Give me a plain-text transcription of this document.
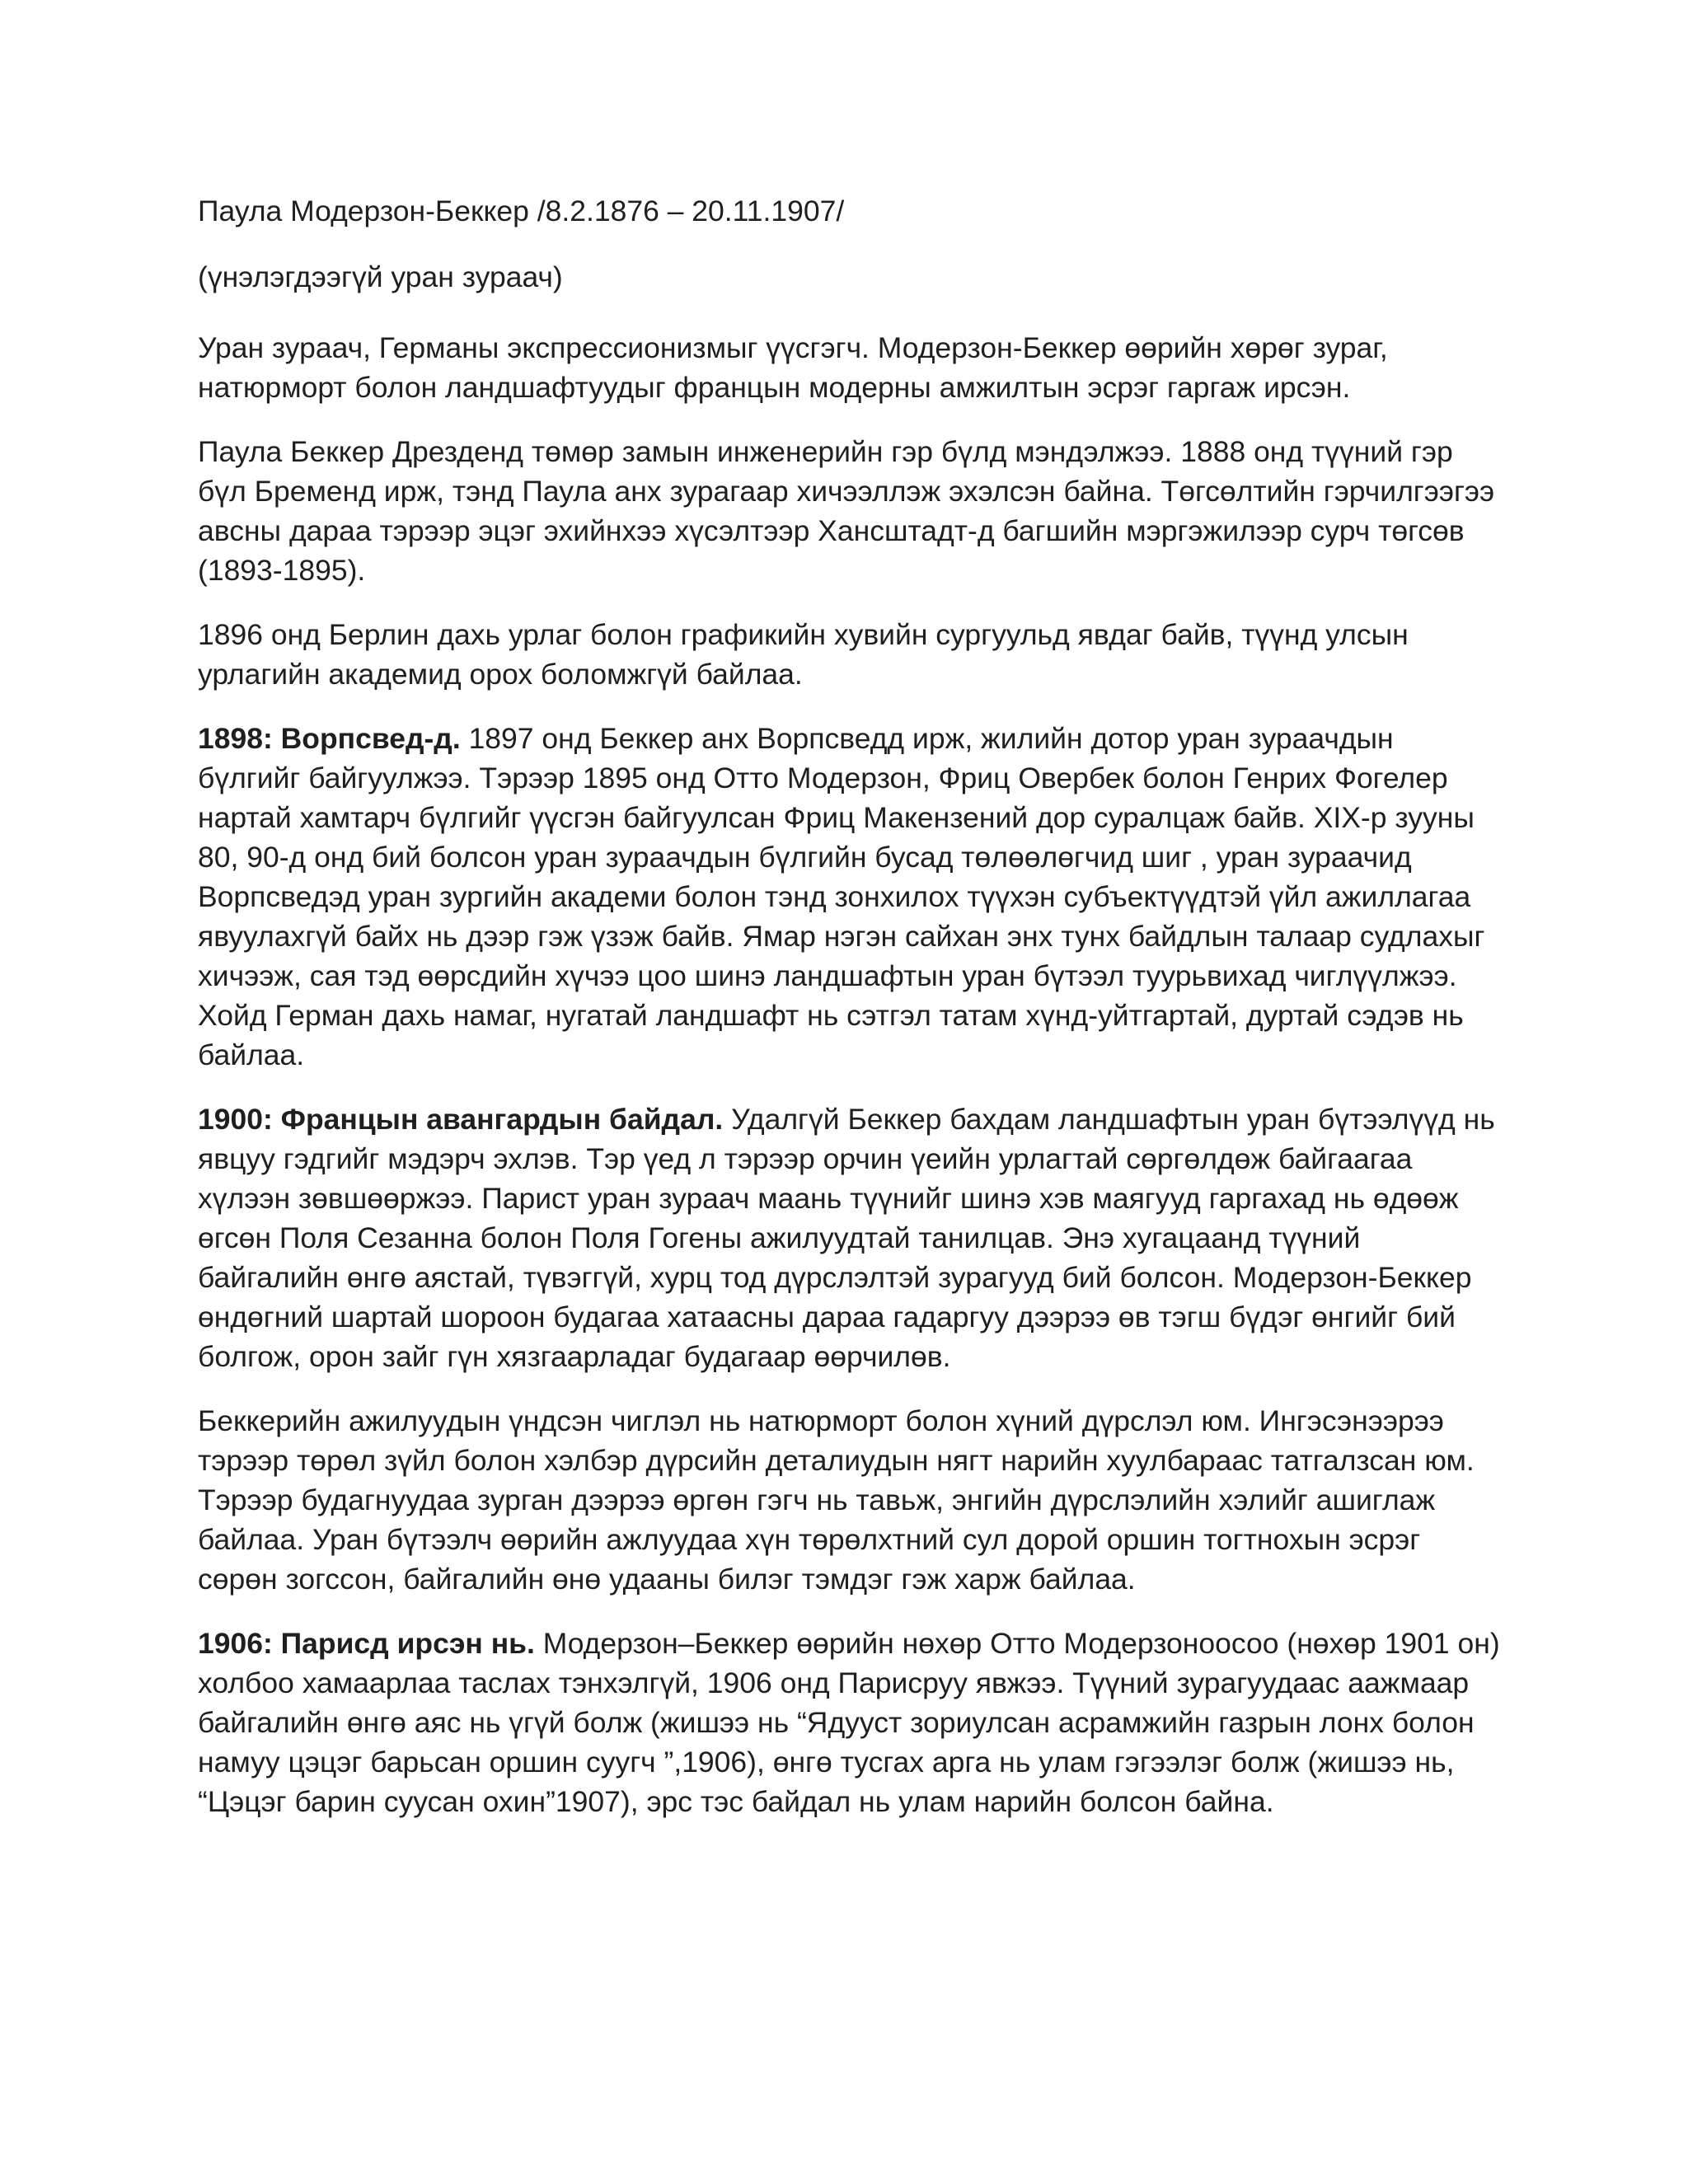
Паула Модерзон-Беккер /8.2.1876 – 20.11.1907/

(үнэлэгдээгүй уран зураач)

Уран зураач, Германы экспрессионизмыг үүсгэгч. Модерзон-Беккер өөрийн хөрөг зураг, натюрморт болон ландшафтуудыг францын модерны амжилтын эсрэг гаргаж ирсэн.

Паула Беккер Дрезденд төмөр замын инженерийн гэр бүлд мэндэлжээ. 1888 онд түүний гэр бүл Бременд ирж, тэнд Паула анх зурагаар хичээллэж эхэлсэн байна. Төгсөлтийн гэрчилгээгээ авсны дараа тэрээр эцэг эхийнхээ хүсэлтээр Хансштадт-д багшийн мэргэжилээр сурч төгсөв (1893-1895).

1896 онд Берлин дахь урлаг болон графикийн хувийн сургуульд явдаг байв, түүнд улсын урлагийн академид орох боломжгүй байлаа.

1898: Ворпсвед-д. 1897 онд Беккер анх Ворпсведд ирж, жилийн дотор уран зураачдын бүлгийг байгуулжээ. Тэрээр 1895 онд Отто Модерзон, Фриц Овербек болон Генрих Фогелер нартай хамтарч бүлгийг үүсгэн байгуулсан Фриц Макензений дор суралцаж байв. XIX-р зууны 80, 90-д онд бий болсон уран зураачдын бүлгийн бусад төлөөлөгчид шиг , уран зураачид Ворпсведэд уран зургийн академи болон тэнд зонхилох түүхэн субъектүүдтэй үйл ажиллагаа явуулахгүй байх нь дээр гэж үзэж байв. Ямар нэгэн сайхан энх тунх байдлын талаар судлахыг хичээж, сая тэд өөрсдийн хүчээ цоо шинэ ландшафтын уран бүтээл туурьвихад чиглүүлжээ. Хойд Герман дахь намаг, нугатай ландшафт нь сэтгэл татам хүнд-уйтгартай, дуртай сэдэв нь байлаа.

1900: Францын авангардын байдал. Удалгүй Беккер бахдам ландшафтын уран бүтээлүүд нь явцуу гэдгийг мэдэрч эхлэв. Тэр үед л тэрээр орчин үеийн урлагтай сөргөлдөж байгаагаа хүлээн зөвшөөржээ. Парист уран зураач маань түүнийг шинэ хэв маягууд гаргахад нь өдөөж өгсөн Поля Сезанна болон Поля Гогены ажилуудтай танилцав. Энэ хугацаанд түүний байгалийн өнгө аястай, түвэггүй, хурц тод дүрслэлтэй зурагууд бий болсон. Модерзон-Беккер өндөгний шартай шороон будагаа хатаасны дараа гадаргуу дээрээ өв тэгш бүдэг өнгийг бий болгож, орон зайг гүн хязгаарладаг будагаар өөрчилөв.

Беккерийн ажилуудын үндсэн чиглэл нь натюрморт болон хүний дүрслэл юм. Ингэсэнээрээ тэрээр төрөл зүйл болон хэлбэр дүрсийн деталиудын нягт нарийн хуулбараас татгалзсан юм. Тэрээр будагнуудаа зурган дээрээ өргөн гэгч нь тавьж, энгийн дүрслэлийн хэлийг ашиглаж байлаа. Уран бүтээлч өөрийн ажлуудаа хүн төрөлхтний сул дорой оршин тогтнохын эсрэг сөрөн зогссон, байгалийн өнө удааны билэг тэмдэг гэж харж байлаа.

1906: Парисд ирсэн нь. Модерзон–Беккер өөрийн нөхөр Отто Модерзоноосоо (нөхөр 1901 он) холбоо хамаарлаа таслах тэнхэлгүй, 1906 онд Парисруу явжээ. Түүний зурагуудаас аажмаар байгалийн өнгө аяс нь үгүй болж (жишээ нь “Ядууст зориулсан асрамжийн газрын лонх болон намуу цэцэг барьсан оршин суугч ”,1906), өнгө тусгах арга нь улам гэгээлэг болж (жишээ нь, “Цэцэг барин суусан охин”1907), эрс тэс байдал нь улам нарийн болсон байна.
